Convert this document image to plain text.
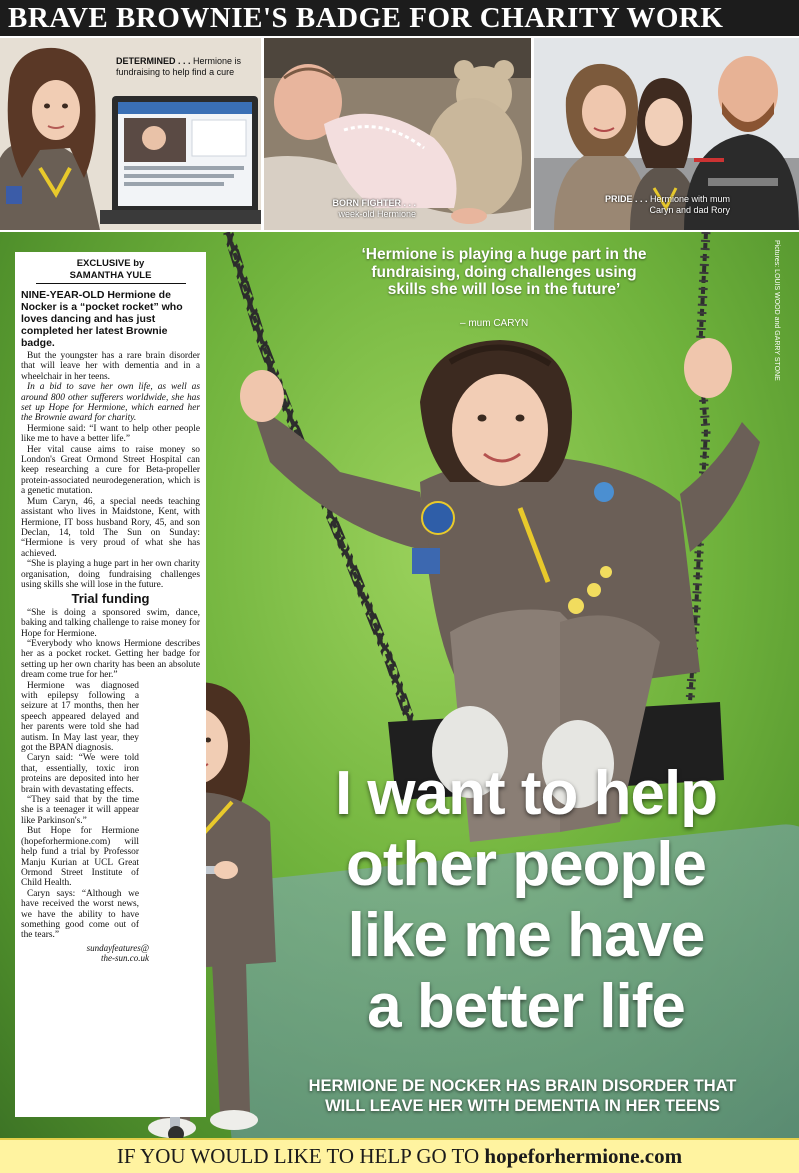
BRAVE BROWNIE'S BADGE FOR CHARITY WORK
DETERMINED . . . Hermione is fundraising to help find a cure
BORN FIGHTER . . .
week-old Hermione
PRIDE . . . Hermione with mum Caryn and dad Rory
EXCLUSIVE by
SAMANTHA YULE
NINE-YEAR-OLD Hermione de Nocker is a “pocket rocket” who loves dancing and has just completed her latest Brownie badge.

But the youngster has a rare brain disorder that will leave her with dementia and in a wheelchair in her teens.

In a bid to save her own life, as well as around 800 other sufferers worldwide, she has set up Hope for Hermione, which earned her the Brownie award for charity.

Hermione said: “I want to help other people like me to have a better life.”

Her vital cause aims to raise money so London's Great Ormond Street Hospital can keep researching a cure for Beta-propeller protein-associated neurodegeneration, which is a genetic mutation.

Mum Caryn, 46, a special needs teaching assistant who lives in Maidstone, Kent, with Hermione, IT boss husband Rory, 45, and son Declan, 14, told The Sun on Sunday: “Hermione is very proud of what she has achieved.

“She is playing a huge part in her own charity organisation, doing fundraising challenges using skills she will lose in the future.

Trial funding

“She is doing a sponsored swim, dance, baking and talking challenge to raise money for Hope for Hermione.

“Everybody who knows Hermione describes her as a pocket rocket. Getting her badge for setting up her own charity has been an absolute dream come true for her.”

Hermione was diagnosed with epilepsy following a seizure at 17 months, then her speech appeared delayed and her parents were told she had autism. In May last year, they got the BPAN diagnosis.

Caryn said: “We were told that, essentially, toxic iron proteins are deposited into her brain with devastating effects.

“They said that by the time she is a teenager it will appear like Parkinson's.”

But Hope for Hermione (hopeforhermione.com) will help fund a trial by Professor Manju Kurian at UCL Great Ormond Street Institute of Child Health.

Caryn says: “Although we have received the worst news, we have the ability to have something good come out of the tears.”

sundayfeatures@
the-sun.co.uk
‘Hermione is playing a huge part in the fundraising, doing challenges using skills she will lose in the future’
– mum CARYN	Pictures: LOUIS WOOD and GARRY STONE
I want to help
other people
like me have
a better life
HERMIONE DE NOCKER HAS BRAIN DISORDER THAT
WILL LEAVE HER WITH DEMENTIA IN HER TEENS
IF YOU WOULD LIKE TO HELP GO TO hopeforhermione.com
